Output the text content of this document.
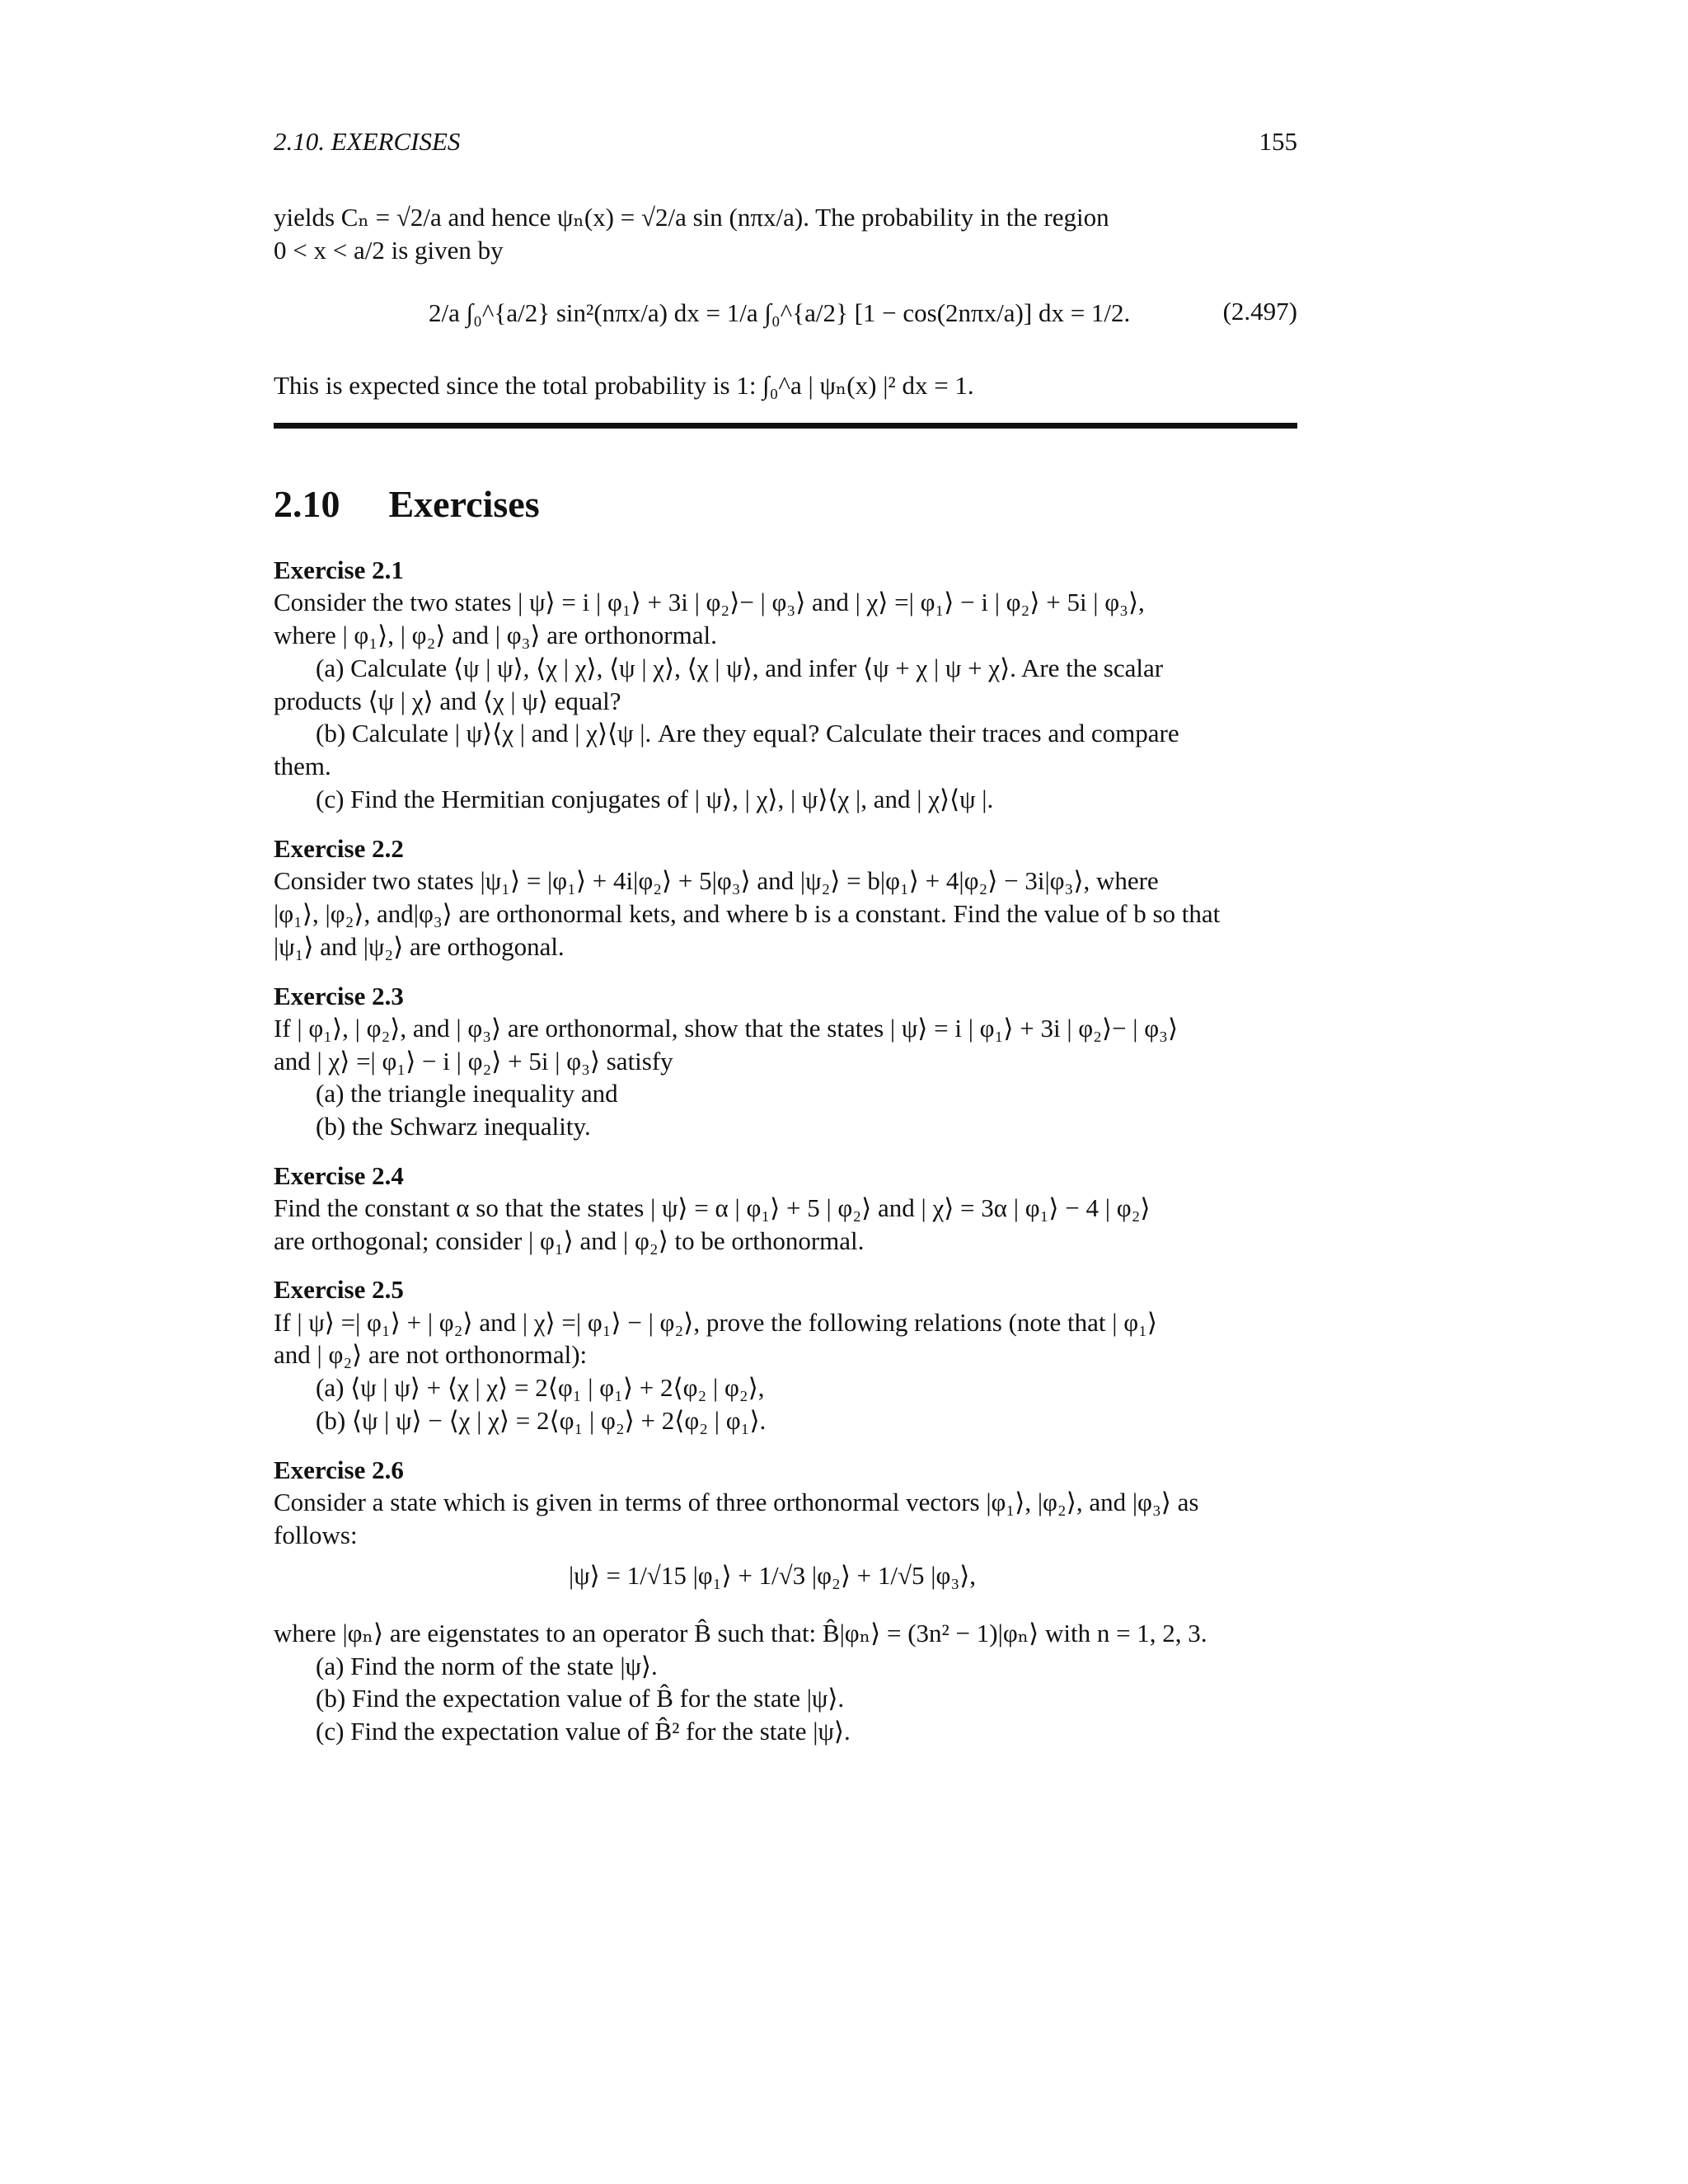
2.10. EXERCISES	155
yields Cₙ = √2/a and hence ψₙ(x) = √2/a sin (nπx/a). The probability in the region
0 < x < a/2 is given by
2/a ∫₀^{a/2} sin²(nπx/a) dx = 1/a ∫₀^{a/2} [1 − cos(2nπx/a)] dx = 1/2.	(2.497)
This is expected since the total probability is 1: ∫₀^a | ψₙ(x) |² dx = 1.
2.10 Exercises
Exercise 2.1
Consider the two states | ψ⟩ = i | φ₁⟩ + 3i | φ₂⟩− | φ₃⟩ and | χ⟩ =| φ₁⟩ − i | φ₂⟩ + 5i | φ₃⟩,
where | φ₁⟩, | φ₂⟩ and | φ₃⟩ are orthonormal.
(a) Calculate ⟨ψ | ψ⟩, ⟨χ | χ⟩, ⟨ψ | χ⟩, ⟨χ | ψ⟩, and infer ⟨ψ + χ | ψ + χ⟩. Are the scalar
products ⟨ψ | χ⟩ and ⟨χ | ψ⟩ equal?
(b) Calculate | ψ⟩⟨χ | and | χ⟩⟨ψ |. Are they equal? Calculate their traces and compare
them.
(c) Find the Hermitian conjugates of | ψ⟩, | χ⟩, | ψ⟩⟨χ |, and | χ⟩⟨ψ |.
Exercise 2.2
Consider two states |ψ₁⟩ = |φ₁⟩ + 4i|φ₂⟩ + 5|φ₃⟩ and |ψ₂⟩ = b|φ₁⟩ + 4|φ₂⟩ − 3i|φ₃⟩, where
|φ₁⟩, |φ₂⟩, and|φ₃⟩ are orthonormal kets, and where b is a constant. Find the value of b so that
|ψ₁⟩ and |ψ₂⟩ are orthogonal.
Exercise 2.3
If | φ₁⟩, | φ₂⟩, and | φ₃⟩ are orthonormal, show that the states | ψ⟩ = i | φ₁⟩ + 3i | φ₂⟩− | φ₃⟩
and | χ⟩ =| φ₁⟩ − i | φ₂⟩ + 5i | φ₃⟩ satisfy
(a) the triangle inequality and
(b) the Schwarz inequality.
Exercise 2.4
Find the constant α so that the states | ψ⟩ = α | φ₁⟩ + 5 | φ₂⟩ and | χ⟩ = 3α | φ₁⟩ − 4 | φ₂⟩
are orthogonal; consider | φ₁⟩ and | φ₂⟩ to be orthonormal.
Exercise 2.5
If | ψ⟩ =| φ₁⟩ + | φ₂⟩ and | χ⟩ =| φ₁⟩ − | φ₂⟩, prove the following relations (note that | φ₁⟩
and | φ₂⟩ are not orthonormal):
(a) ⟨ψ | ψ⟩ + ⟨χ | χ⟩ = 2⟨φ₁ | φ₁⟩ + 2⟨φ₂ | φ₂⟩,
(b) ⟨ψ | ψ⟩ − ⟨χ | χ⟩ = 2⟨φ₁ | φ₂⟩ + 2⟨φ₂ | φ₁⟩.
Exercise 2.6
Consider a state which is given in terms of three orthonormal vectors |φ₁⟩, |φ₂⟩, and |φ₃⟩ as
follows:
|ψ⟩ = 1/√15 |φ₁⟩ + 1/√3 |φ₂⟩ + 1/√5 |φ₃⟩,
where |φₙ⟩ are eigenstates to an operator B̂ such that: B̂|φₙ⟩ = (3n² − 1)|φₙ⟩ with n = 1, 2, 3.
(a) Find the norm of the state |ψ⟩.
(b) Find the expectation value of B̂ for the state |ψ⟩.
(c) Find the expectation value of B̂² for the state |ψ⟩.
